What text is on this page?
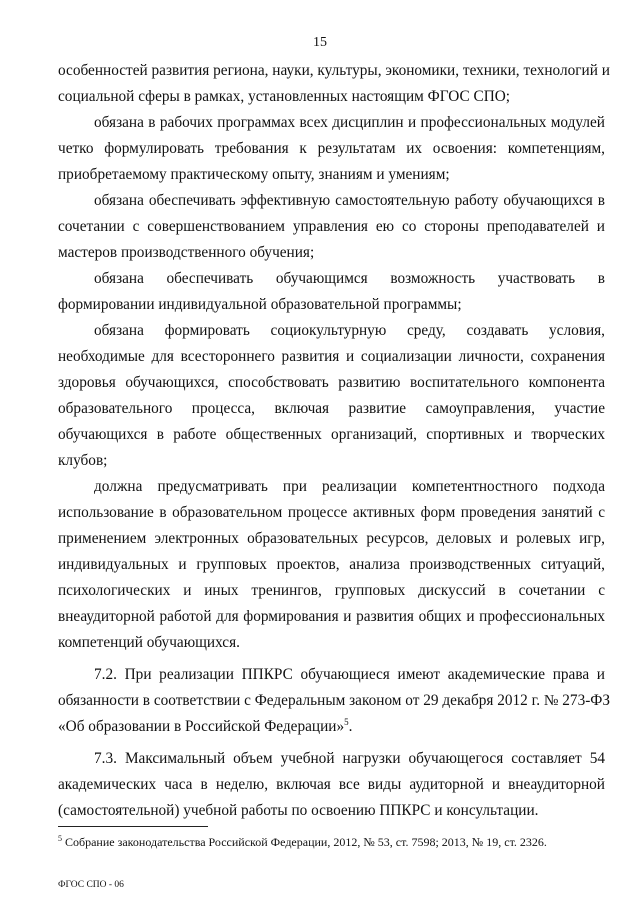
15
особенностей развития региона, науки, культуры, экономики, техники, технологий и
социальной сферы в рамках, установленных настоящим ФГОС СПО;
обязана в рабочих программах всех дисциплин и профессиональных модулей
четко формулировать требования к результатам их освоения: компетенциям,
приобретаемому практическому опыту, знаниям и умениям;
обязана обеспечивать эффективную самостоятельную работу обучающихся в
сочетании с совершенствованием управления ею со стороны преподавателей и
мастеров производственного обучения;
обязана обеспечивать обучающимся возможность участвовать в
формировании индивидуальной образовательной программы;
обязана формировать социокультурную среду, создавать условия,
необходимые для всестороннего развития и социализации личности, сохранения
здоровья обучающихся, способствовать развитию воспитательного компонента
образовательного процесса, включая развитие самоуправления, участие
обучающихся в работе общественных организаций, спортивных и творческих
клубов;
должна предусматривать при реализации компетентностного подхода
использование в образовательном процессе активных форм проведения занятий с
применением электронных образовательных ресурсов, деловых и ролевых игр,
индивидуальных и групповых проектов, анализа производственных ситуаций,
психологических и иных тренингов, групповых дискуссий в сочетании с
внеаудиторной работой для формирования и развития общих и профессиональных
компетенций обучающихся.
7.2. При реализации ППКРС обучающиеся имеют академические права и
обязанности в соответствии с Федеральным законом от 29 декабря 2012 г. № 273-ФЗ
«Об образовании в Российской Федерации»$^5$.
7.3. Максимальный объем учебной нагрузки обучающегося составляет 54
академических часа в неделю, включая все виды аудиторной и внеаудиторной
(самостоятельной) учебной работы по освоению ППКРС и консультации.
$^5$ Собрание законодательства Российской Федерации, 2012, № 53, ст. 7598; 2013, № 19, ст. 2326.
ФГОС СПО - 06
